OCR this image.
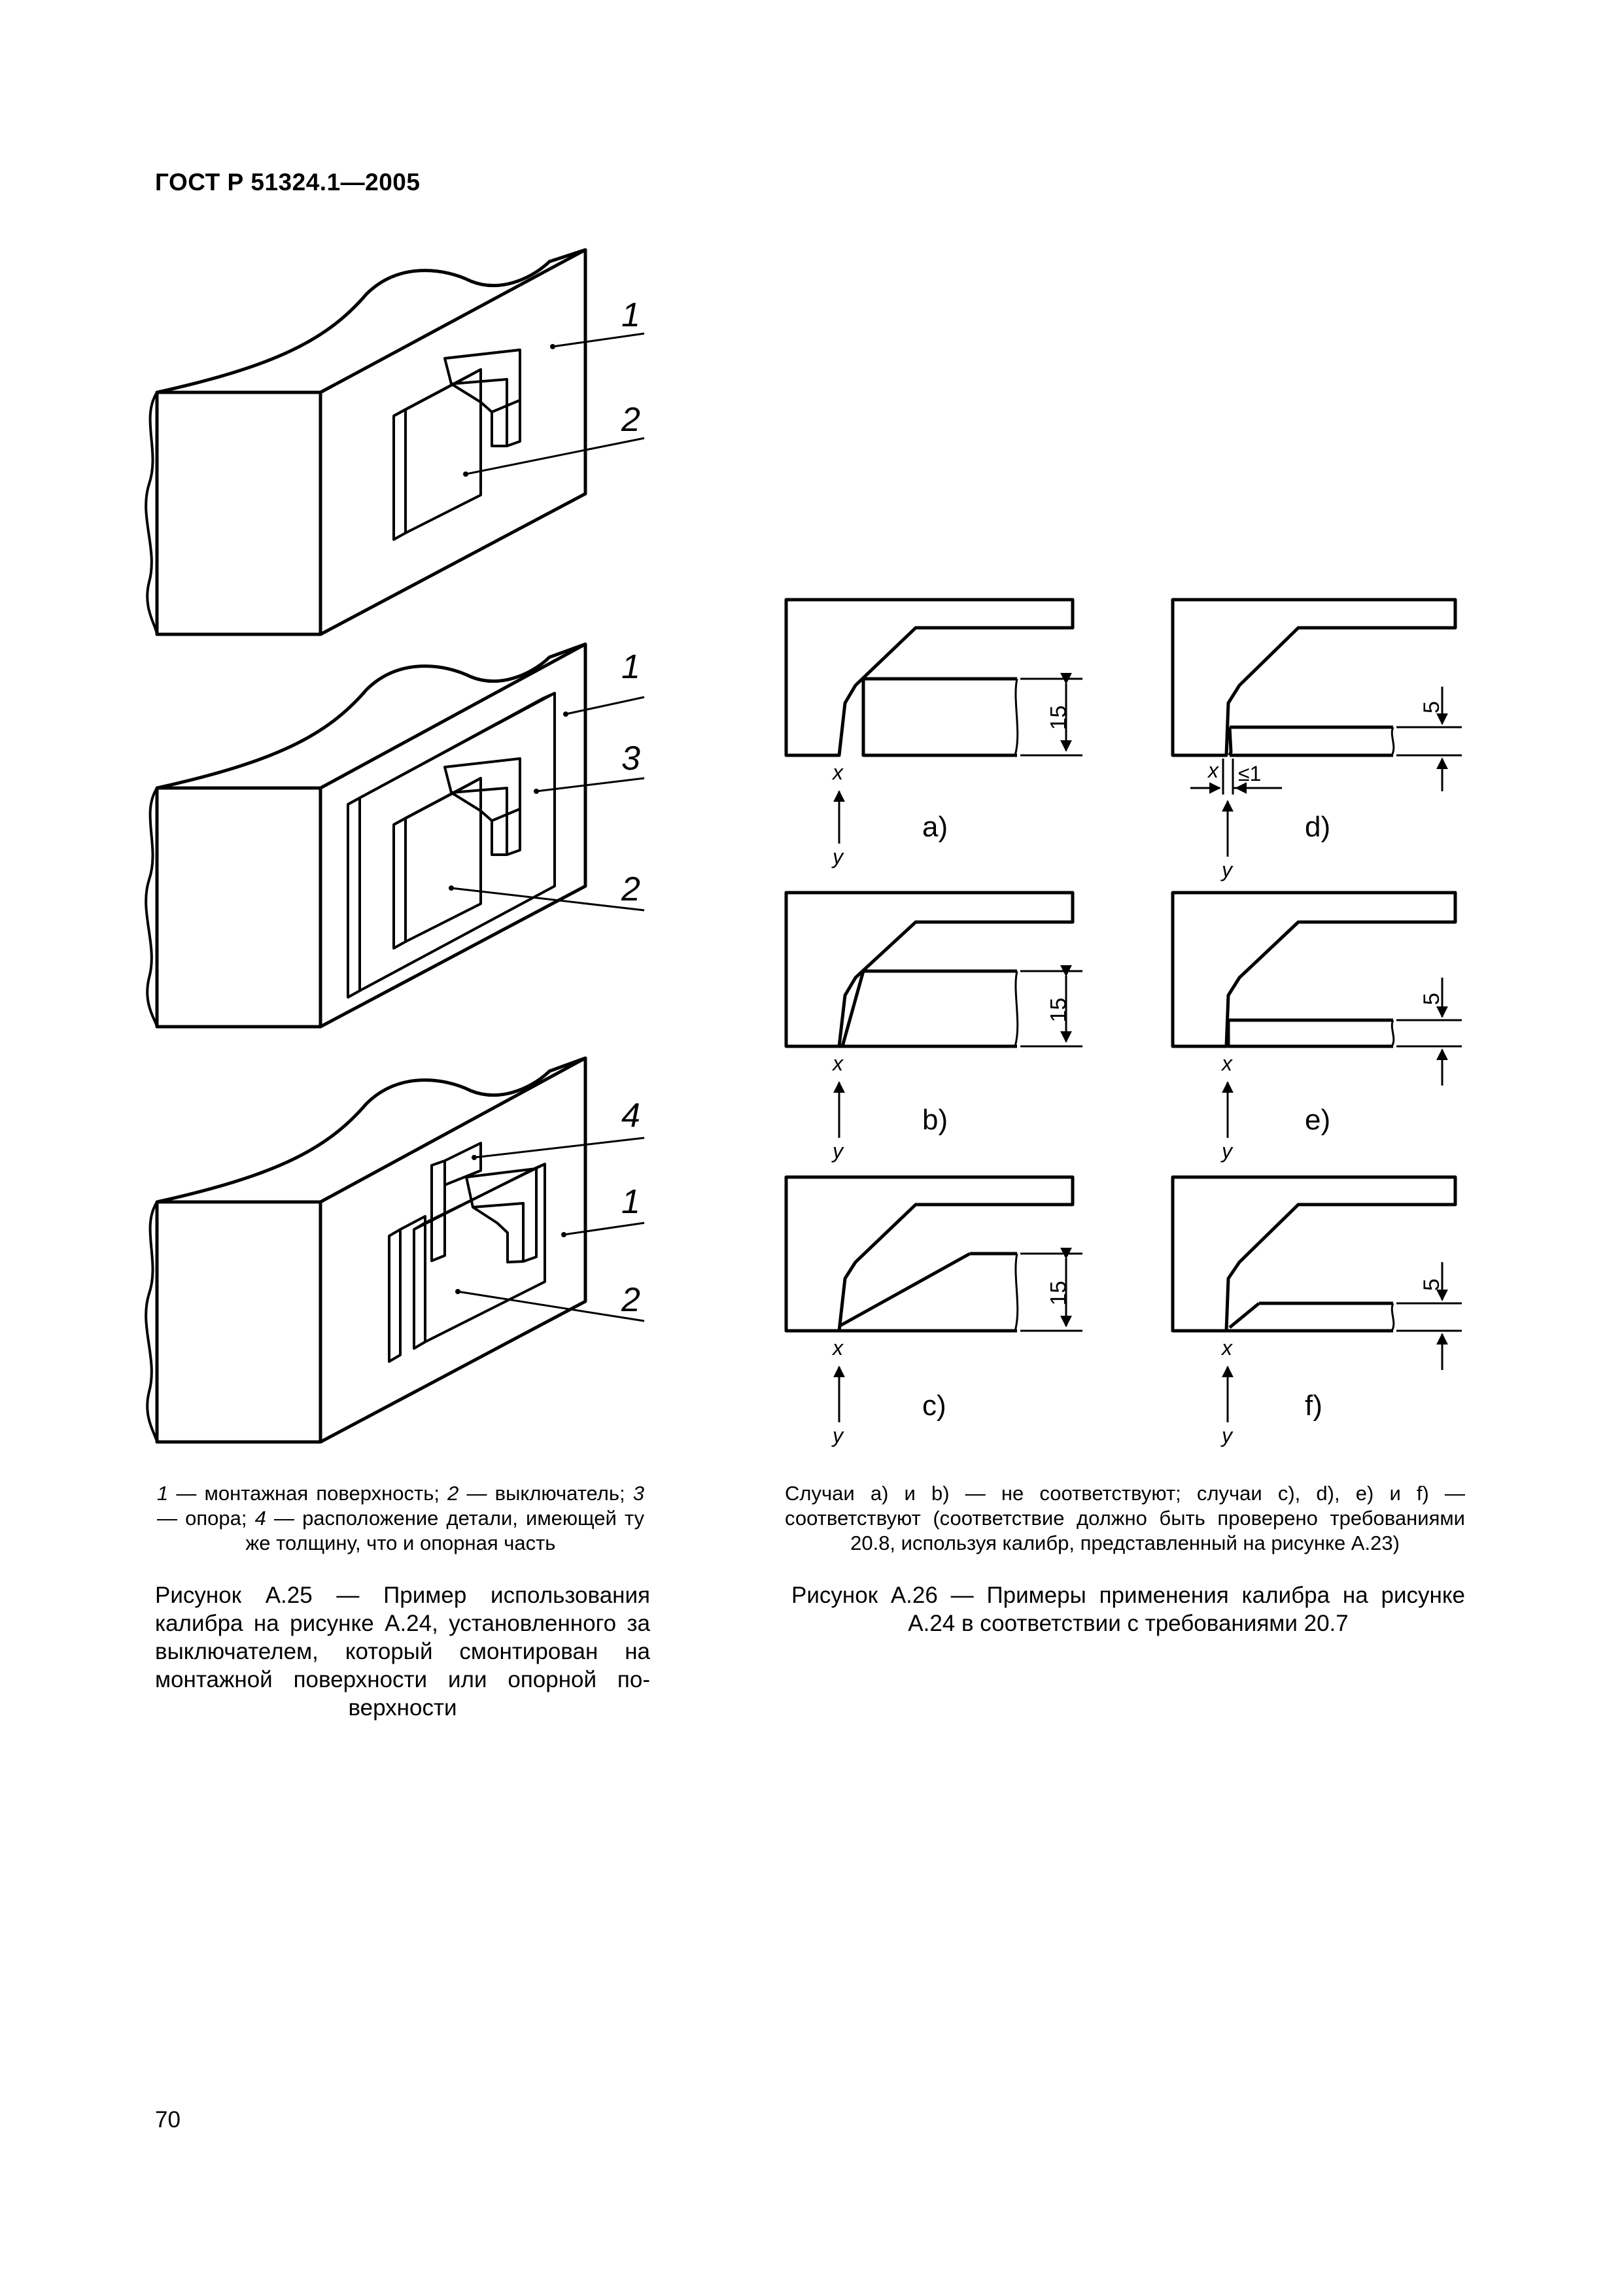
ГОСТ Р 51324.1—2005
1
2
1
3
2
4
1
2
1 — монтажная поверхность; 2 — выключатель; 3 — опора; 4 — расположение детали, имеющей ту же толщину, что и опорная часть
Рисунок А.25 — Пример использования калибра на рисунке А.24, установленного за выключателем, который смонтирован на монтажной поверхности или опорной поверхности
a)
b)
c)
d)
e)
f)
15
15
15
5
5
5
≤1
x
y
x
y
x
y
x
y
x
y
x
y
Случаи а) и b) — не соответствуют; случаи с), d), е) и f) — соответствуют (соответствие должно быть проверено требованиями 20.8, используя калибр, представленный на рисунке А.23)
Рисунок А.26 — Примеры применения калибра на рисунке А.24 в соответствии с требованиями 20.7
70
